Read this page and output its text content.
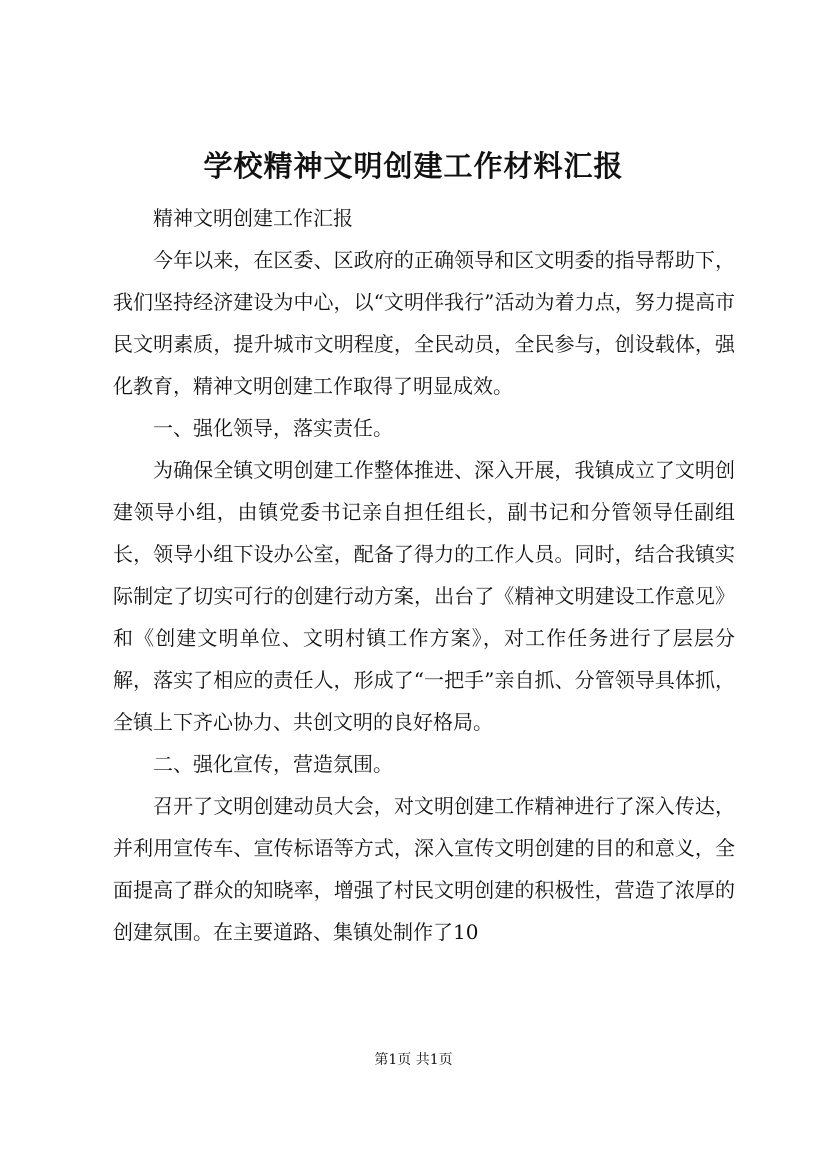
学校精神文明创建工作材料汇报

精神文明创建工作汇报

今年以来，在区委、区政府的正确领导和区文明委的指导帮助下，我们坚持经济建设为中心，以“文明伴我行”活动为着力点，努力提高市民文明素质，提升城市文明程度，全民动员，全民参与，创设载体，强化教育，精神文明创建工作取得了明显成效。

一、强化领导，落实责任。

为确保全镇文明创建工作整体推进、深入开展，我镇成立了文明创建领导小组，由镇党委书记亲自担任组长，副书记和分管领导任副组长，领导小组下设办公室，配备了得力的工作人员。同时，结合我镇实际制定了切实可行的创建行动方案，出台了《精神文明建设工作意见》和《创建文明单位、文明村镇工作方案》，对工作任务进行了层层分解，落实了相应的责任人，形成了“一把手”亲自抓、分管领导具体抓，全镇上下齐心协力、共创文明的良好格局。

二、强化宣传，营造氛围。

召开了文明创建动员大会，对文明创建工作精神进行了深入传达，并利用宣传车、宣传标语等方式，深入宣传文明创建的目的和意义，全面提高了群众的知晓率，增强了村民文明创建的积极性，营造了浓厚的创建氛围。在主要道路、集镇处制作了10

第1页 共1页
